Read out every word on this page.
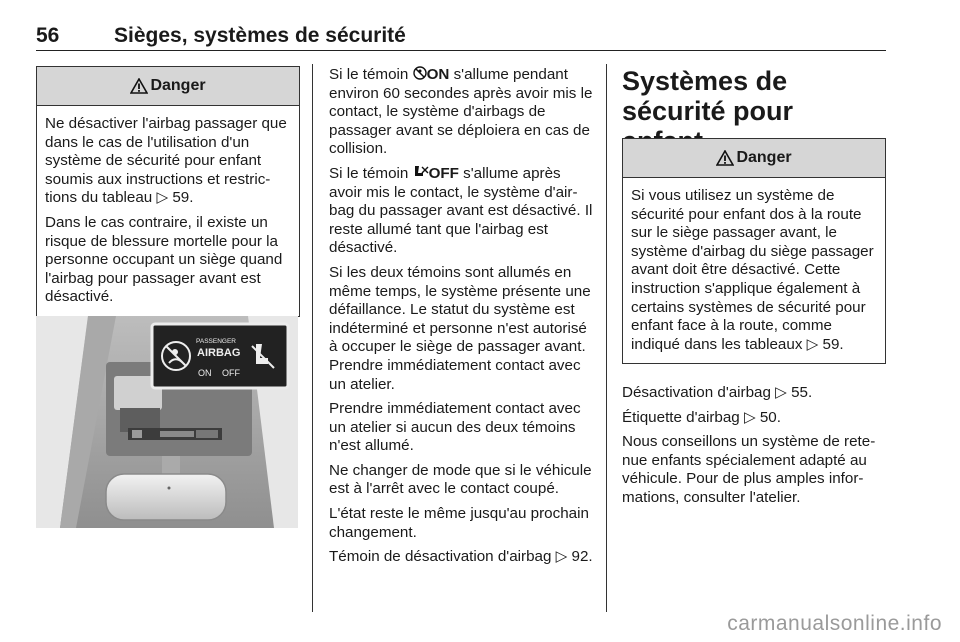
56	Sièges, systèmes de sécurité
Danger

Ne désactiver l'airbag passager que dans le cas de l'utilisation d'un système de sécurité pour enfant soumis aux instructions et restrictions du tableau ▷ 59.

Dans le cas contraire, il existe un risque de blessure mortelle pour la personne occupant un siège quand l'airbag pour passager avant est désactivé.

PASSENGER
AIRBAG
ON OFF

Si le témoin ON s'allume pendant environ 60 secondes après avoir mis le contact, le système d'airbags de passager avant se déploiera en cas de collision.

Si le témoin OFF s'allume après avoir mis le contact, le système d'airbag du passager avant est désactivé. Il reste allumé tant que l'airbag est désactivé.

Si les deux témoins sont allumés en même temps, le système présente une défaillance. Le statut du système est indéterminé et personne n'est autorisé à occuper le siège de passager avant. Prendre immédiatement contact avec un atelier.

Prendre immédiatement contact avec un atelier si aucun des deux témoins n'est allumé.

Ne changer de mode que si le véhicule est à l'arrêt avec le contact coupé.

L'état reste le même jusqu'au prochain changement.

Témoin de désactivation d'airbag ▷ 92.

Systèmes de sécurité pour
Danger

Si vous utilisez un système de sécurité pour enfant dos à la route sur le siège passager avant, le système d'airbag du siège passager avant doit être désactivé. Cette instruction s'applique également à certains systèmes de sécurité pour enfant face à la route, comme indiqué dans les tableaux ▷ 59.

Désactivation d'airbag ▷ 55.

Étiquette d'airbag ▷ 50.

Nous conseillons un système de retenue enfants spécialement adapté au véhicule. Pour de plus amples informations, consulter l'atelier.

carmanualsonline.info
